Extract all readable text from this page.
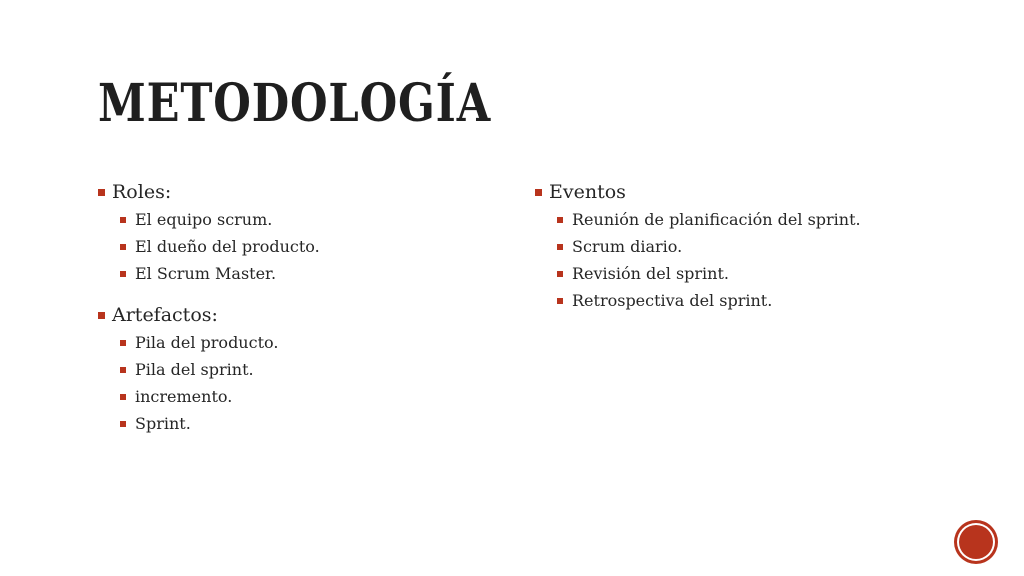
METODOLOGÍA
Roles:
El equipo scrum.
El dueño del producto.
El Scrum Master.
Artefactos:
Pila del producto.
Pila del sprint.
incremento.
Sprint.
Eventos
Reunión de planificación del sprint.
Scrum diario.
Revisión del sprint.
Retrospectiva del sprint.
